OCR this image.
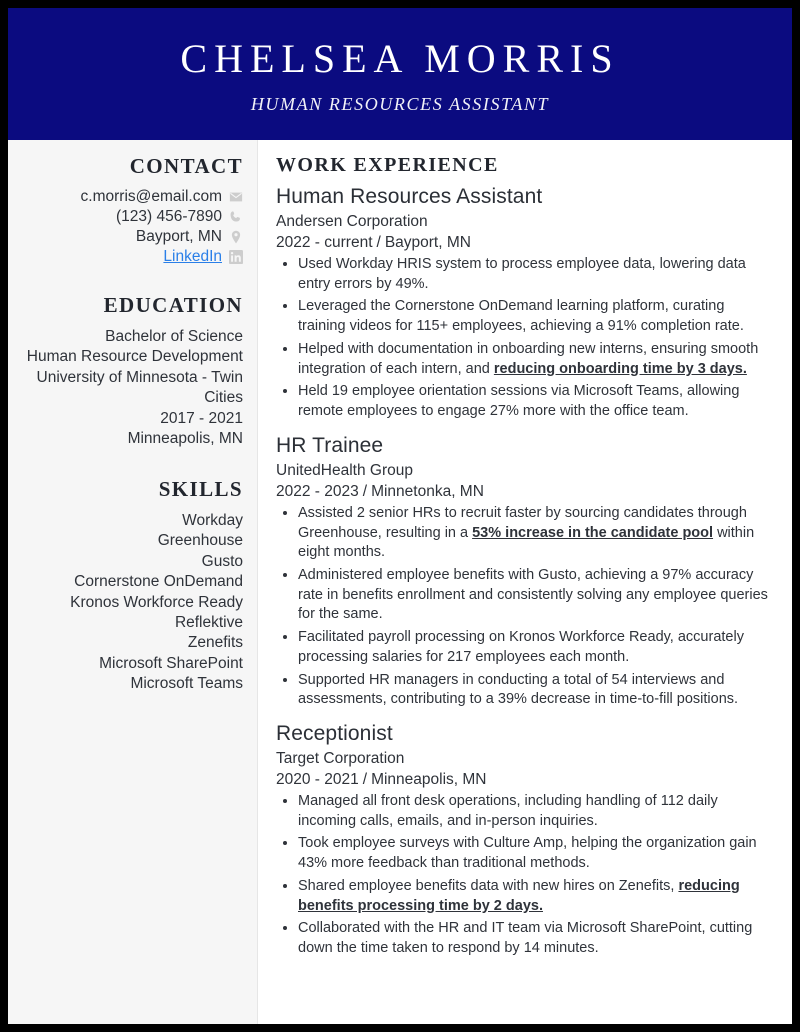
CHELSEA MORRIS
HUMAN RESOURCES ASSISTANT
CONTACT
c.morris@email.com
(123) 456-7890
Bayport, MN
LinkedIn
EDUCATION
Bachelor of Science
Human Resource Development
University of Minnesota - Twin Cities
2017 - 2021
Minneapolis, MN
SKILLS
Workday
Greenhouse
Gusto
Cornerstone OnDemand
Kronos Workforce Ready
Reflektive
Zenefits
Microsoft SharePoint
Microsoft Teams
WORK EXPERIENCE
Human Resources Assistant
Andersen Corporation
2022 - current / Bayport, MN
Used Workday HRIS system to process employee data, lowering data entry errors by 49%.
Leveraged the Cornerstone OnDemand learning platform, curating training videos for 115+ employees, achieving a 91% completion rate.
Helped with documentation in onboarding new interns, ensuring smooth integration of each intern, and reducing onboarding time by 3 days.
Held 19 employee orientation sessions via Microsoft Teams, allowing remote employees to engage 27% more with the office team.
HR Trainee
UnitedHealth Group
2022 - 2023 / Minnetonka, MN
Assisted 2 senior HRs to recruit faster by sourcing candidates through Greenhouse, resulting in a 53% increase in the candidate pool within eight months.
Administered employee benefits with Gusto, achieving a 97% accuracy rate in benefits enrollment and consistently solving any employee queries for the same.
Facilitated payroll processing on Kronos Workforce Ready, accurately processing salaries for 217 employees each month.
Supported HR managers in conducting a total of 54 interviews and assessments, contributing to a 39% decrease in time-to-fill positions.
Receptionist
Target Corporation
2020 - 2021 / Minneapolis, MN
Managed all front desk operations, including handling of 112 daily incoming calls, emails, and in-person inquiries.
Took employee surveys with Culture Amp, helping the organization gain 43% more feedback than traditional methods.
Shared employee benefits data with new hires on Zenefits, reducing benefits processing time by 2 days.
Collaborated with the HR and IT team via Microsoft SharePoint, cutting down the time taken to respond by 14 minutes.
